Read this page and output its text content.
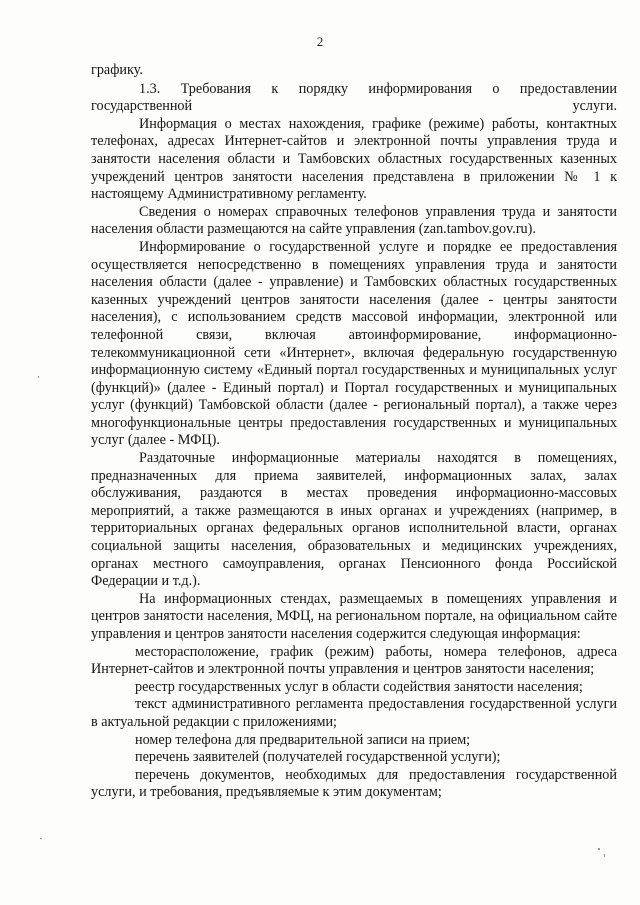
2

графику.

1.3. Требования к порядку информирования о предоставлении государственной услуги.

Информация о местах нахождения, графике (режиме) работы, контактных телефонах, адресах Интернет-сайтов и электронной почты управления труда и занятости населения области и Тамбовских областных государственных казенных учреждений центров занятости населения представлена в приложении № 1 к настоящему Административному регламенту.

Сведения о номерах справочных телефонов управления труда и занятости населения области размещаются на сайте управления (zan.tambov.gov.ru).

Информирование о государственной услуге и порядке ее предоставления осуществляется непосредственно в помещениях управления труда и занятости населения области (далее - управление) и Тамбовских областных государственных казенных учреждений центров занятости населения (далее - центры занятости населения), с использованием средств массовой информации, электронной или телефонной связи, включая автоинформирование, информационно-телекоммуникационной сети «Интернет», включая федеральную государственную информационную систему «Единый портал государственных и муниципальных услуг (функций)» (далее - Единый портал) и Портал государственных и муниципальных услуг (функций) Тамбовской области (далее - региональный портал), а также через многофункциональные центры предоставления государственных и муниципальных услуг (далее - МФЦ).

Раздаточные информационные материалы находятся в помещениях, предназначенных для приема заявителей, информационных залах, залах обслуживания, раздаются в местах проведения информационно-массовых мероприятий, а также размещаются в иных органах и учреждениях (например, в территориальных органах федеральных органов исполнительной власти, органах социальной защиты населения, образовательных и медицинских учреждениях, органах местного самоуправления, органах Пенсионного фонда Российской Федерации и т.д.).

На информационных стендах, размещаемых в помещениях управления и центров занятости населения, МФЦ, на региональном портале, на официальном сайте управления и центров занятости населения содержится следующая информация:

месторасположение, график (режим) работы, номера телефонов, адреса Интернет-сайтов и электронной почты управления и центров занятости населения;

реестр государственных услуг в области содействия занятости населения;

текст административного регламента предоставления государственной услуги в актуальной редакции с приложениями;

номер телефона для предварительной записи на прием;

перечень заявителей (получателей государственной услуги);

перечень документов, необходимых для предоставления государственной услуги, и требования, предъявляемые к этим документам;
